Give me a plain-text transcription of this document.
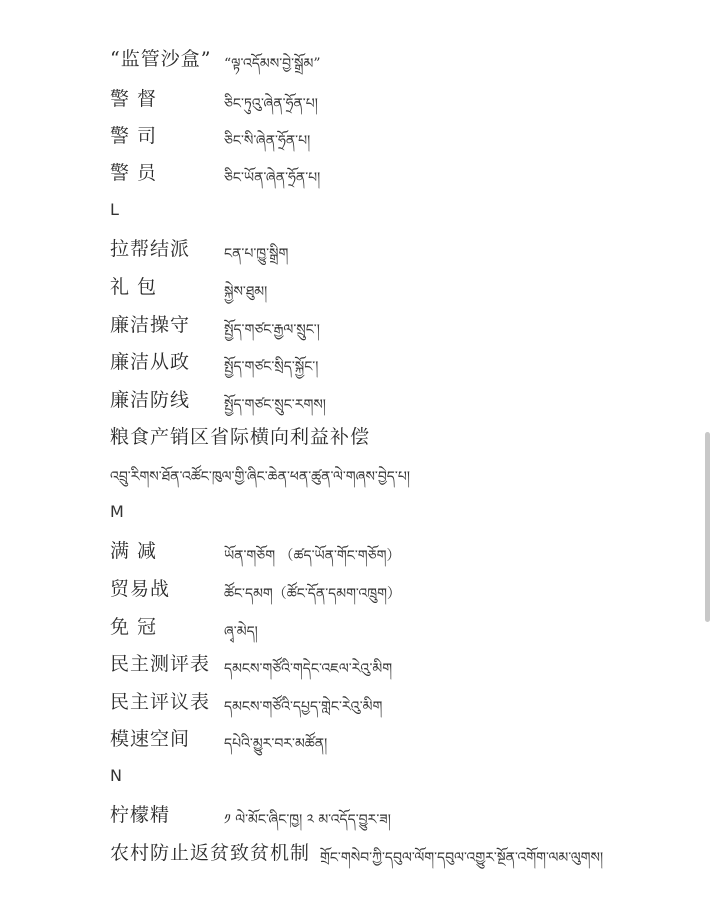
“监管沙盒” “ལྟ་འདོམས་བྱེ་སྒྲོམ”
警 督	ཅིང་ཏུའུ་ཞེན་ཧྲོན་པ།
警 司	ཅིང་སི་ཞེན་ཧྲོན་པ།
警 员	ཅིང་ཡོན་ཞེན་ཧྲོན་པ།
L
拉帮结派 ངན་པ་ཁྱུ་སྒྲིག
礼 包	སྐྱེས་ཐུམ།
廉洁操守 སྤྱོད་གཙང་རྒྱལ་སྲུང་།
廉洁从政 སྤྱོད་གཙང་སྲིད་སྐྱོང་།
廉洁防线 སྤྱོད་གཙང་སྲུང་རགས།
粮食产销区省际横向利益补偿
འབྲུ་རིགས་ཐོན་འཚོང་ཁུལ་གྱི་ཞིང་ཆེན་ཕན་ཚུན་ལེ་གཞས་བྱེད་པ།
M
满 减	ཡོན་གཅོག （ཚད་ཡོན་གོང་གཅོག）
贸易战	ཚོང་དམག（ཚོང་དོན་དམག་འཁྲུག）
免 冠	ཞྭ་མེད།
民主测评表 དམངས་གཙོའི་གདེང་འཇལ་རེའུ་མིག
民主评议表 དམངས་གཙོའི་དཔྱད་གླེང་རེའུ་མིག
模速空间 དཔེའི་མྱུར་བར་མཚོན།
N
柠檬精	༡ ལེ་མོང་ཞིང་ཁྱ། ༢ མ་འདོད་བྱུར་ཟ།
农村防止返贫致贫机制 གྲོང་གསེབ་ཀྱི་དབུལ་ལོག་དབུལ་འགྱུར་སྔོན་འགོག་ལམ་ལུགས།
